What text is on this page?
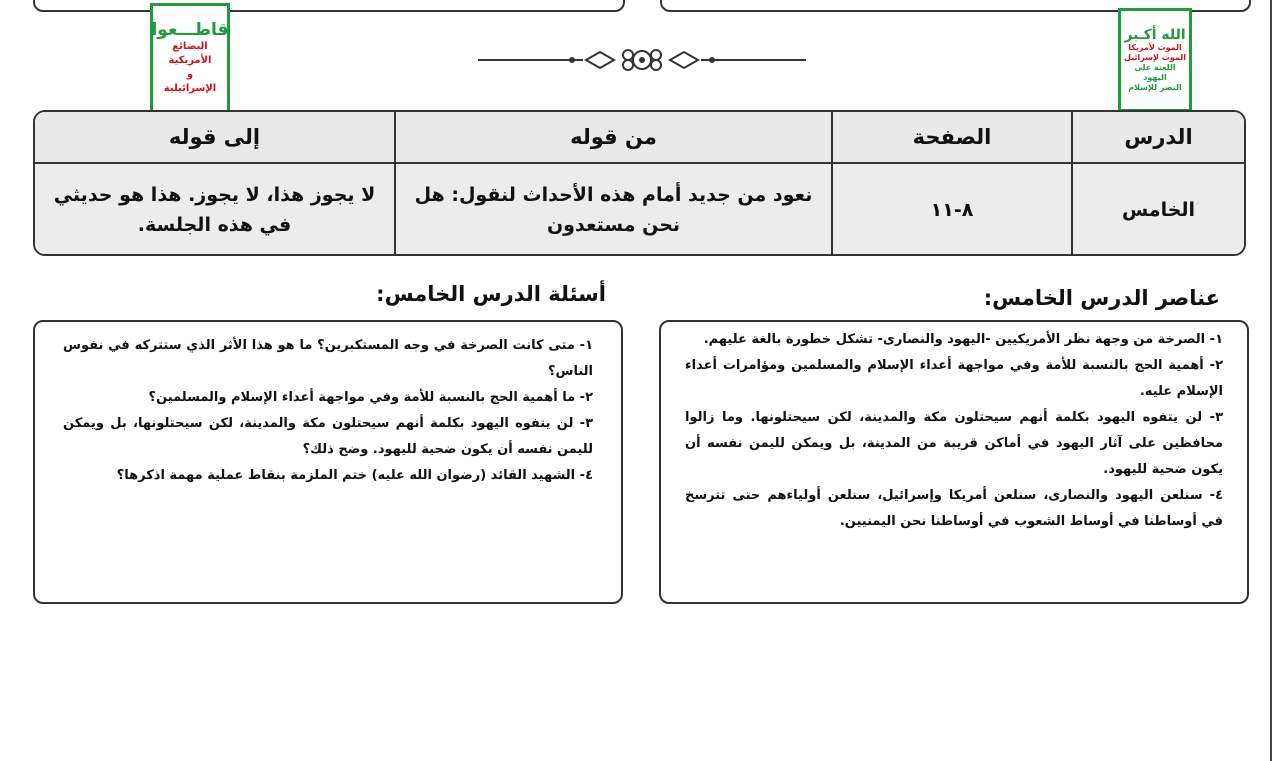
قاطـــعوا
البضائع الأمريكية
و
الإسرائيلية
الله أكـبر
الموت لأمريكا
الموت لإسرائيل
اللعنة على اليهود
النصر للإسلام
الدرس
الصفحة
من قوله
إلى قوله
الخامس
٨-١١
نعود من جديد أمام هذه الأحداث لنقول: هل نحن مستعدون
لا يجوز هذا، لا يجوز. هذا هو حديثي في هذه الجلسة.
عناصر الدرس الخامس:
أسئلة الدرس الخامس:

١- الصرخة من وجهة نظر الأمريكيين -اليهود والنصارى- تشكل خطورة بالغة عليهم.

٢- أهمية الحج بالنسبة للأمة وفي مواجهة أعداء الإسلام والمسلمين ومؤامرات أعداء الإسلام عليه.

٣- لن يتفوه اليهود بكلمة أنهم سيحتلون مكة والمدينة، لكن سيحتلونها. وما زالوا محافظين على آثار اليهود في أماكن قريبة من المدينة، بل ويمكن لليمن نفسه أن يكون ضحية لليهود.

٤- سنلعن اليهود والنصارى، سنلعن أمريكا وإسرائيل، سنلعن أولياءهم حتى تترسخ في أوساطنا في أوساط الشعوب في أوساطنا نحن اليمنيين.

١- متى كانت الصرخة في وجه المستكبرين؟ ما هو هذا الأثر الذي ستتركه في نفوس الناس؟

٢- ما أهمية الحج بالنسبة للأمة وفي مواجهة أعداء الإسلام والمسلمين؟

٣- لن يتفوه اليهود بكلمة أنهم سيحتلون مكة والمدينة، لكن سيحتلونها، بل ويمكن لليمن نفسه أن يكون ضحية لليهود. وضح ذلك؟

٤- الشهيد القائد (رضوان الله عليه) ختم الملزمة بنقاط عملية مهمة اذكرها؟
